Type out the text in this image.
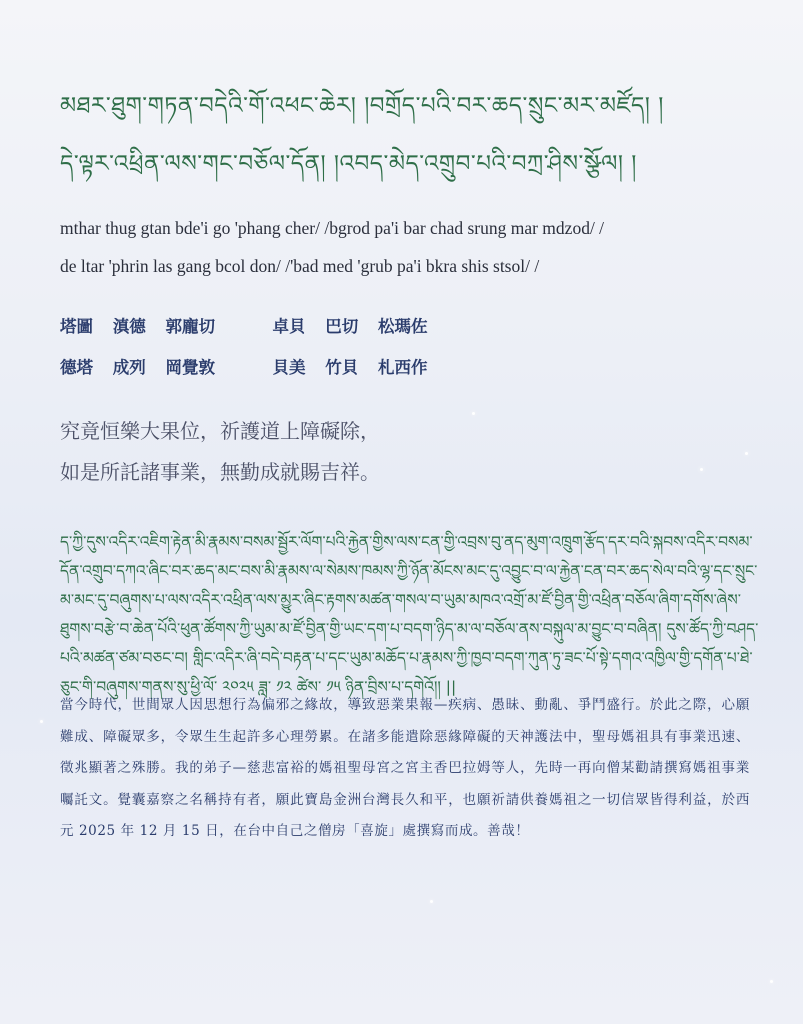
མཐར་ཐུག་གཏན་བདེའི་གོ་འཕང་ཆེར། །བགྲོད་པའི་བར་ཆད་སྲུང་མར་མཛོད། །
དེ་ལྟར་འཕྲིན་ལས་གང་བཅོལ་དོན། །འབད་མེད་འགྲུབ་པའི་བཀྲ་ཤིས་སྩོལ། །
mthar thug gtan bde'i go 'phang cher/ /bgrod pa'i bar chad srung mar mdzod/ /
de ltar 'phrin las gang bcol don/ /'bad med 'grub pa'i bkra shis stsol/ /
塔圖 滇德 郭龐切	卓貝 巴切 松瑪佐
德塔 成列 岡覺敦	貝美 竹貝 札西作
究竟恒樂大果位，祈護道上障礙除，
如是所託諸事業，無勤成就賜吉祥。
ད་ཀྱི་དུས་འདིར་འཇིག་རྟེན་མི་རྣམས་བསམ་སྦྱོར་ལོག་པའི་རྐྱེན་གྱིས་ལས་ངན་གྱི་འབྲས་བུ་ནད་མུག་འཁྲུག་རྩོད་དར་བའི་སྐབས་འདིར་བསམ་དོན་འགྲུབ་དཀའ་ཞིང་བར་ཆད་མང་བས་མི་རྣམས་ལ་སེམས་ཁམས་ཀྱི་ཉོན་མོངས་མང་དུ་འབྱུང་བ་ལ་རྐྱེན་ངན་བར་ཆད་སེལ་བའི་ལྷ་དང་སྲུང་མ་མང་དུ་བཞུགས་པ་ལས་འདིར་འཕྲིན་ལས་མྱུར་ཞིང་རྟགས་མཚན་གསལ་བ་ཡུམ་མཁའ་འགྲོ་མ་ཛོ་བྱིན་གྱི་འཕྲིན་བཅོལ་ཞིག་དགོས་ཞེས་ཐུགས་བརྩེ་བ་ཆེན་པོའི་ཕུན་ཚོགས་ཀྱི་ཡུམ་མ་ཛོ་བྱིན་གྱི་ཡང་དག་པ་བདག་ཉིད་མ་ལ་བཅོལ་ནས་བསྐུལ་མ་བྱུང་བ་བཞིན། དུས་ཚོད་ཀྱི་བཤད་པའི་མཚན་ཙམ་བཅང་བ། གླིང་འདིར་ཞི་བདེ་བརྟན་པ་དང་ཡུམ་མཆོད་པ་རྣམས་ཀྱི་ཁྱབ་བདག་ཀུན་ཏུ་ཟང་པོ་སྟེ་དགའ་འཁྱིལ་གྱི་དགོན་པ་ཐེ་ཅུང་གི་བཞུགས་གནས་སུ་ཕྱི་ལོ་ ༢༠༢༥ ཟླ་ ༡༢ ཚེས་ ༡༥ ཉིན་བྲིས་པ་དགེའོ།། ||
當今時代，世間眾人因思想行為偏邪之緣故，導致惡業果報—疾病、愚昧、動亂、爭鬥盛行。於此之際，心願難成、障礙眾多，令眾生生起許多心理勞累。在諸多能遣除惡緣障礙的天神護法中，聖母媽祖具有事業迅速、徵兆顯著之殊勝。我的弟子—慈悲富裕的媽祖聖母宮之宮主香巴拉姆等人，先時一再向僧某勸請撰寫媽祖事業囑託文。覺囊嘉察之名稱持有者，願此寶島金洲台灣長久和平，也願祈請供養媽祖之一切信眾皆得利益，於西元 2025 年 12 月 15 日，在台中自己之僧房「喜旋」處撰寫而成。善哉！
